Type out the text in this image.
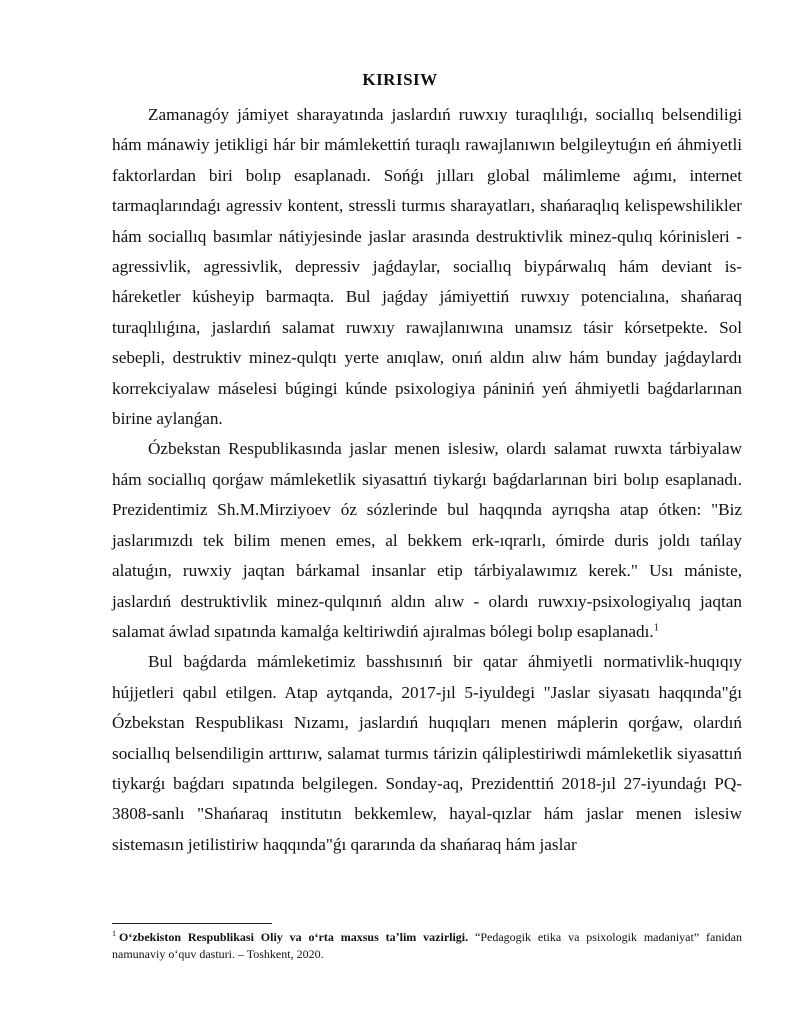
KIRISIW

Zamanagóy jámiyet sharayatında jaslardıń ruwxıy turaqlılıǵı, sociallıq belsendiligi hám mánawiy jetikligi hár bir mámlekettiń turaqlı rawajlanıwın belgileytuǵın eń áhmiyetli faktorlardan biri bolıp esaplanadı. Sońǵı jılları global málimleme aǵımı, internet tarmaqlarındaǵı agressiv kontent, stressli turmıs sharayatları, shańaraqlıq kelispewshilikler hám sociallıq basımlar nátiyjesinde jaslar arasında destruktivlik minez-qulıq kórinisleri - agressivlik, agressivlik, depressiv jaǵdaylar, sociallıq biypárwalıq hám deviant is-háreketler kúsheyip barmaqta. Bul jaǵday jámiyettiń ruwxıy potencialına, shańaraq turaqlılıǵına, jaslardıń salamat ruwxıy rawajlanıwına unamsız tásir kórsetpekte. Sol sebepli, destruktiv minez-qulqtı yerte anıqlaw, onıń aldın alıw hám bunday jaǵdaylardı korrekciyalaw máselesi búgingi kúnde psixologiya pániniń yeń áhmiyetli baǵdarlarınan birine aylanǵan.

Ózbekstan Respublikasında jaslar menen islesiw, olardı salamat ruwxta tárbiyalaw hám sociallıq qorǵaw mámleketlik siyasattıń tiykarǵı baǵdarlarınan biri bolıp esaplanadı. Prezidentimiz Sh.M.Mirziyoev óz sózlerinde bul haqqında ayrıqsha atap ótken: "Biz jaslarımızdı tek bilim menen emes, al bekkem erk-ıqrarlı, ómirde duris joldı tańlay alatuǵın, ruwxiy jaqtan bárkamal insanlar etip tárbiyalawımız kerek." Usı mániste, jaslardıń destruktivlik minez-qulqınıń aldın alıw - olardı ruwxıy-psixologiyalıq jaqtan salamat áwlad sıpatında kamalǵa keltiriwdiń ajıralmas bólegi bolıp esaplanadı.$^1$

Bul baǵdarda mámleketimiz basshısınıń bir qatar áhmiyetli normativlik-huqıqıy hújjetleri qabıl etilgen. Atap aytqanda, 2017-jıl 5-iyuldegi "Jaslar siyasatı haqqında"ǵı Ózbekstan Respublikası Nızamı, jaslardıń huqıqları menen máplerin qorǵaw, olardıń sociallıq belsendiligin arttırıw, salamat turmıs tárizin qáliplestiriwdi mámleketlik siyasattıń tiykarǵı baǵdarı sıpatında belgilegen. Sonday-aq, Prezidenttiń 2018-jıl 27-iyundaǵı PQ-3808-sanlı "Shańaraq institutın bekkemlew, hayal-qızlar hám jaslar menen islesiw sistemasın jetilistiriw haqqında"ǵı qararında da shańaraq hám jaslar

$^1$ Oʻzbekiston Respublikasi Oliy va oʻrta maxsus taʼlim vazirligi. “Pedagogik etika va psixologik madaniyat” fanidan namunaviy oʻquv dasturi. – Toshkent, 2020.
